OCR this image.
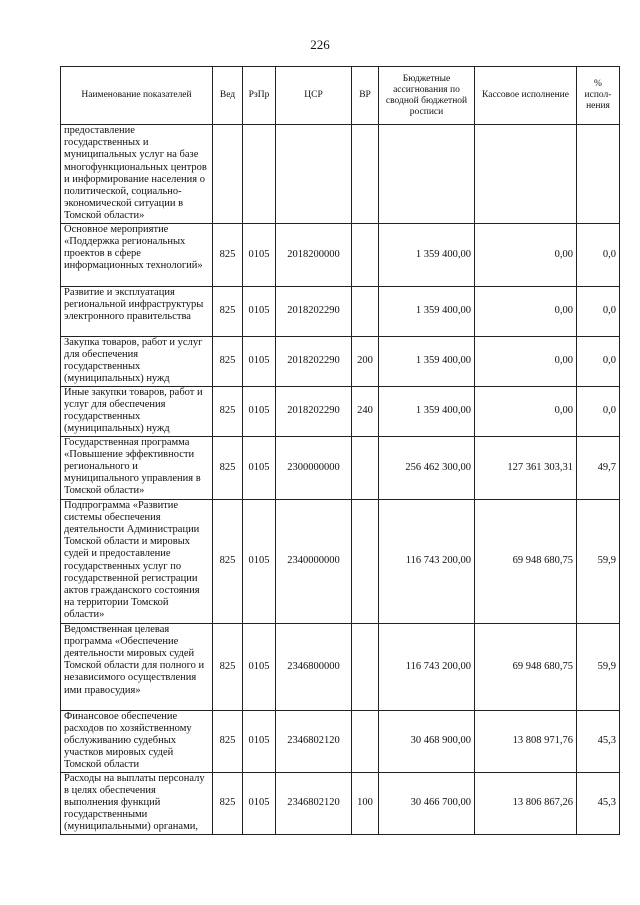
226
Наименование показателей	Вед	РзПр	ЦСР	ВР	Бюджетные ассигнования по сводной бюджетной росписи	Кассовое исполнение	% испол- нения
предоставление государственных и муниципальных услуг на базе многофункциональных центров и информирование населения о политической, социально-экономической ситуации в Томской области»							
Основное мероприятие «Поддержка региональных проектов в сфере информационных технологий»	825	0105	2018200000		1 359 400,00	0,00	0,0
Развитие и эксплуатация региональной инфраструктуры электронного правительства	825	0105	2018202290		1 359 400,00	0,00	0,0
Закупка товаров, работ и услуг для обеспечения государственных (муниципальных) нужд	825	0105	2018202290	200	1 359 400,00	0,00	0,0
Иные закупки товаров, работ и услуг для обеспечения государственных (муниципальных) нужд	825	0105	2018202290	240	1 359 400,00	0,00	0,0
Государственная программа «Повышение эффективности регионального и муниципального управления в Томской области»	825	0105	2300000000		256 462 300,00	127 361 303,31	49,7
Подпрограмма «Развитие системы обеспечения деятельности Администрации Томской области и мировых судей и предоставление государственных услуг по государственной регистрации актов гражданского состояния на территории Томской области»	825	0105	2340000000		116 743 200,00	69 948 680,75	59,9
Ведомственная целевая программа «Обеспечение деятельности мировых судей Томской области для полного и независимого осуществления ими правосудия»	825	0105	2346800000		116 743 200,00	69 948 680,75	59,9
Финансовое обеспечение расходов по хозяйственному обслуживанию судебных участков мировых судей Томской области	825	0105	2346802120		30 468 900,00	13 808 971,76	45,3
Расходы на выплаты персоналу в целях обеспечения выполнения функций государственными (муниципальными) органами,	825	0105	2346802120	100	30 466 700,00	13 806 867,26	45,3
